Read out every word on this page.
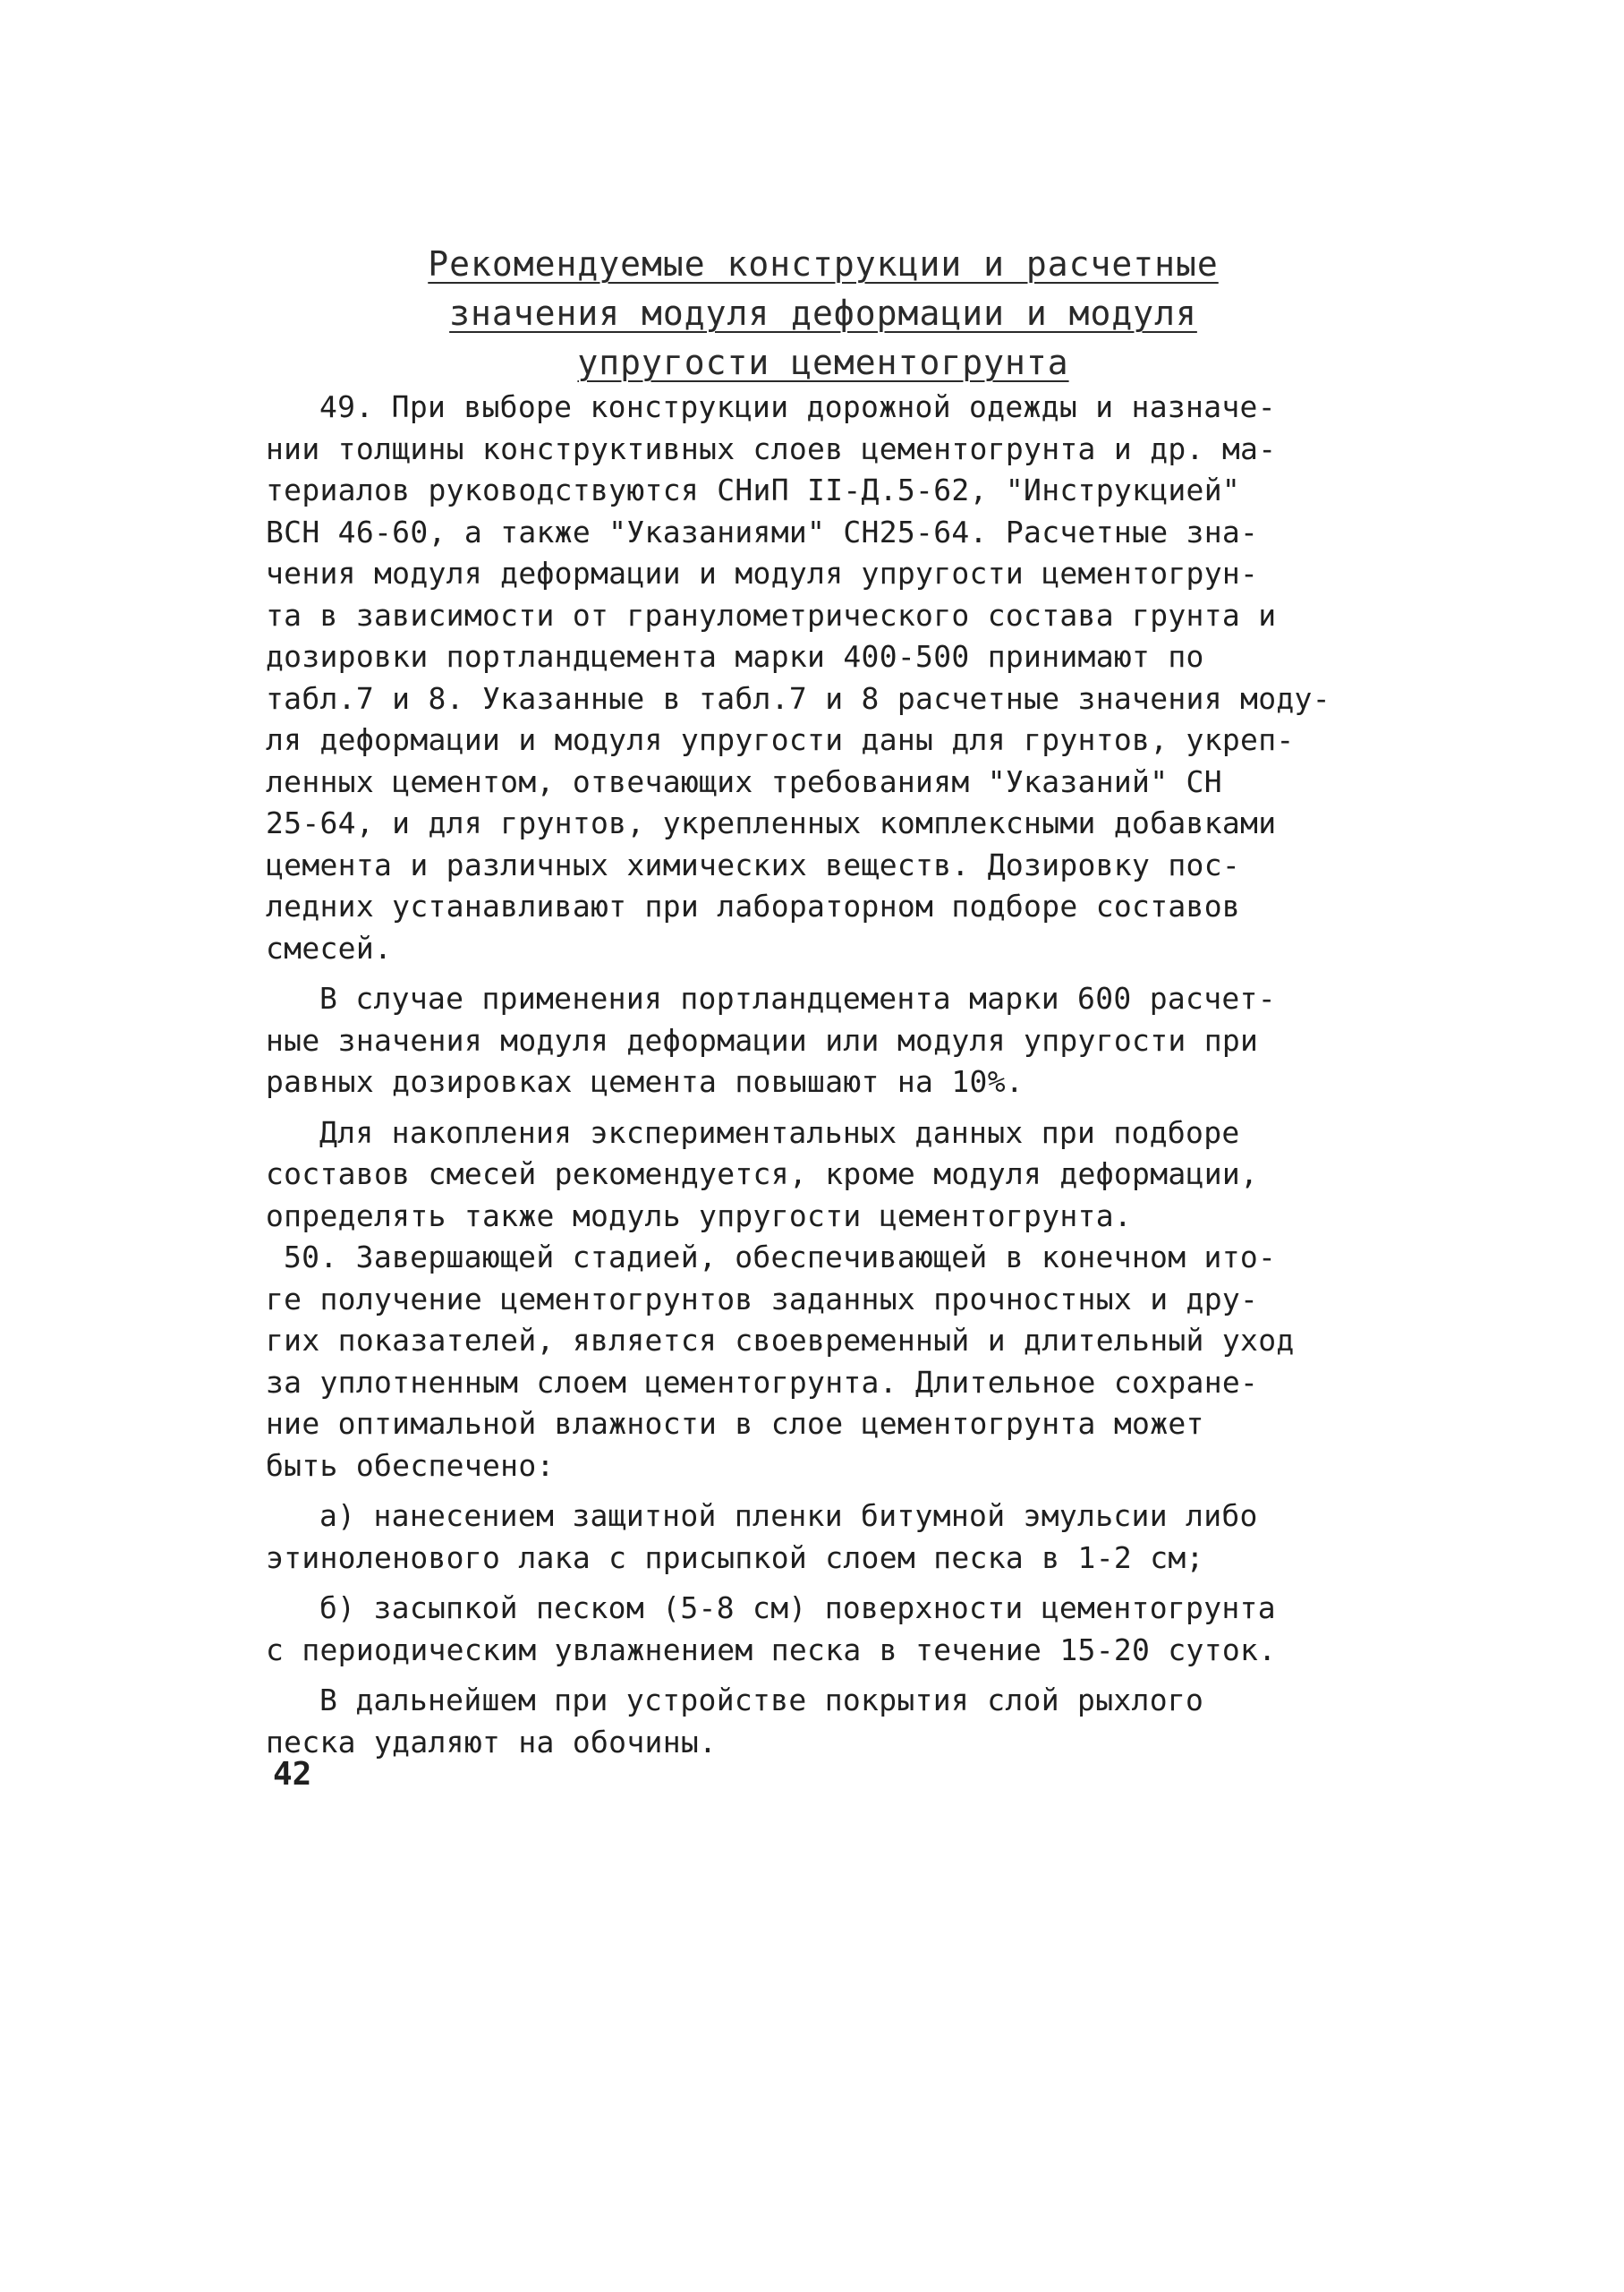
Рекомендуемые конструкции и расчетные
значения модуля деформации и модуля
упругости цементогрунта
49. При выборе конструкции дорожной одежды и назначе-
нии толщины конструктивных слоев цементогрунта и др. ма-
териалов руководствуются СНиП II-Д.5-62, "Инструкцией"
ВСН 46-60, а также "Указаниями" СН25-64. Расчетные зна-
чения модуля деформации и модуля упругости цементогрун-
та в зависимости от гранулометрического состава грунта и
дозировки портландцемента марки 400-500 принимают по
табл.7 и 8. Указанные в табл.7 и 8 расчетные значения моду-
ля деформации и модуля упругости даны для грунтов, укреп-
ленных цементом, отвечающих требованиям "Указаний" СН
25-64, и для грунтов, укрепленных комплексными добавками
цемента и различных химических веществ. Дозировку пос-
ледних устанавливают при лабораторном подборе составов
смесей.
В случае применения портландцемента марки 600 расчет-
ные значения модуля деформации или модуля упругости при
равных дозировках цемента повышают на 10%.
Для накопления экспериментальных данных при подборе
составов смесей рекомендуется, кроме модуля деформации,
определять также модуль упругости цементогрунта.
50. Завершающей стадией, обеспечивающей в конечном ито-
ге получение цементогрунтов заданных прочностных и дру-
гих показателей, является своевременный и длительный уход
за уплотненным слоем цементогрунта. Длительное сохране-
ние оптимальной влажности в слое цементогрунта может
быть обеспечено:
а) нанесением защитной пленки битумной эмульсии либо
этиноленового лака с присыпкой слоем песка в 1-2 см;
б) засыпкой песком (5-8 см) поверхности цементогрунта
с периодическим увлажнением песка в течение 15-20 суток.
В дальнейшем при устройстве покрытия слой рыхлого
песка удаляют на обочины.
42
